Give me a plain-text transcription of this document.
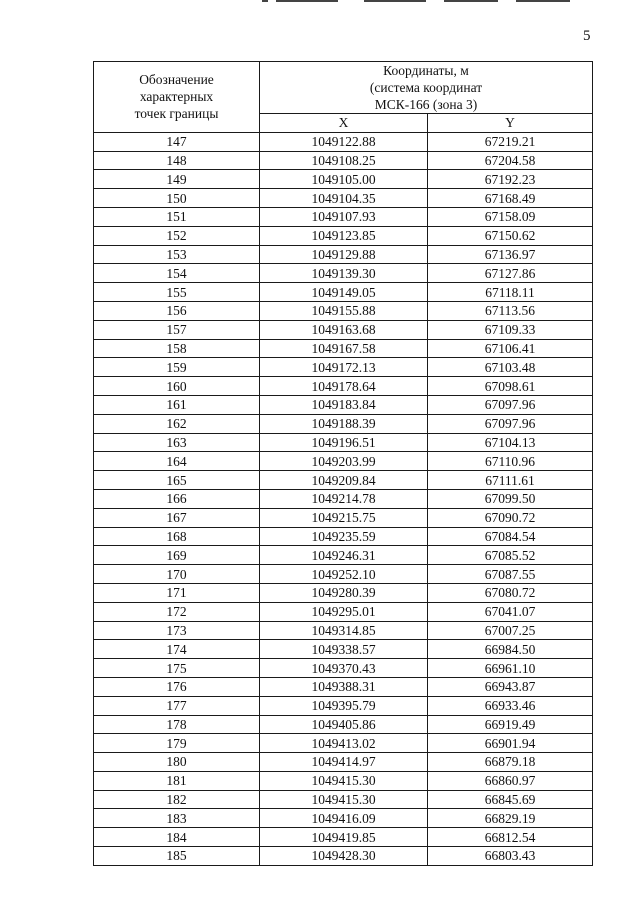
5
Обозначение
характерных
точек границы	Координаты, м
(система координат
МСК-166 (зона 3)	

	X	Y
147	1049122.88	67219.21
148	1049108.25	67204.58
149	1049105.00	67192.23
150	1049104.35	67168.49
151	1049107.93	67158.09
152	1049123.85	67150.62
153	1049129.88	67136.97
154	1049139.30	67127.86
155	1049149.05	67118.11
156	1049155.88	67113.56
157	1049163.68	67109.33
158	1049167.58	67106.41
159	1049172.13	67103.48
160	1049178.64	67098.61
161	1049183.84	67097.96
162	1049188.39	67097.96
163	1049196.51	67104.13
164	1049203.99	67110.96
165	1049209.84	67111.61
166	1049214.78	67099.50
167	1049215.75	67090.72
168	1049235.59	67084.54
169	1049246.31	67085.52
170	1049252.10	67087.55
171	1049280.39	67080.72
172	1049295.01	67041.07
173	1049314.85	67007.25
174	1049338.57	66984.50
175	1049370.43	66961.10
176	1049388.31	66943.87
177	1049395.79	66933.46
178	1049405.86	66919.49
179	1049413.02	66901.94
180	1049414.97	66879.18
181	1049415.30	66860.97
182	1049415.30	66845.69
183	1049416.09	66829.19
184	1049419.85	66812.54
185	1049428.30	66803.43
